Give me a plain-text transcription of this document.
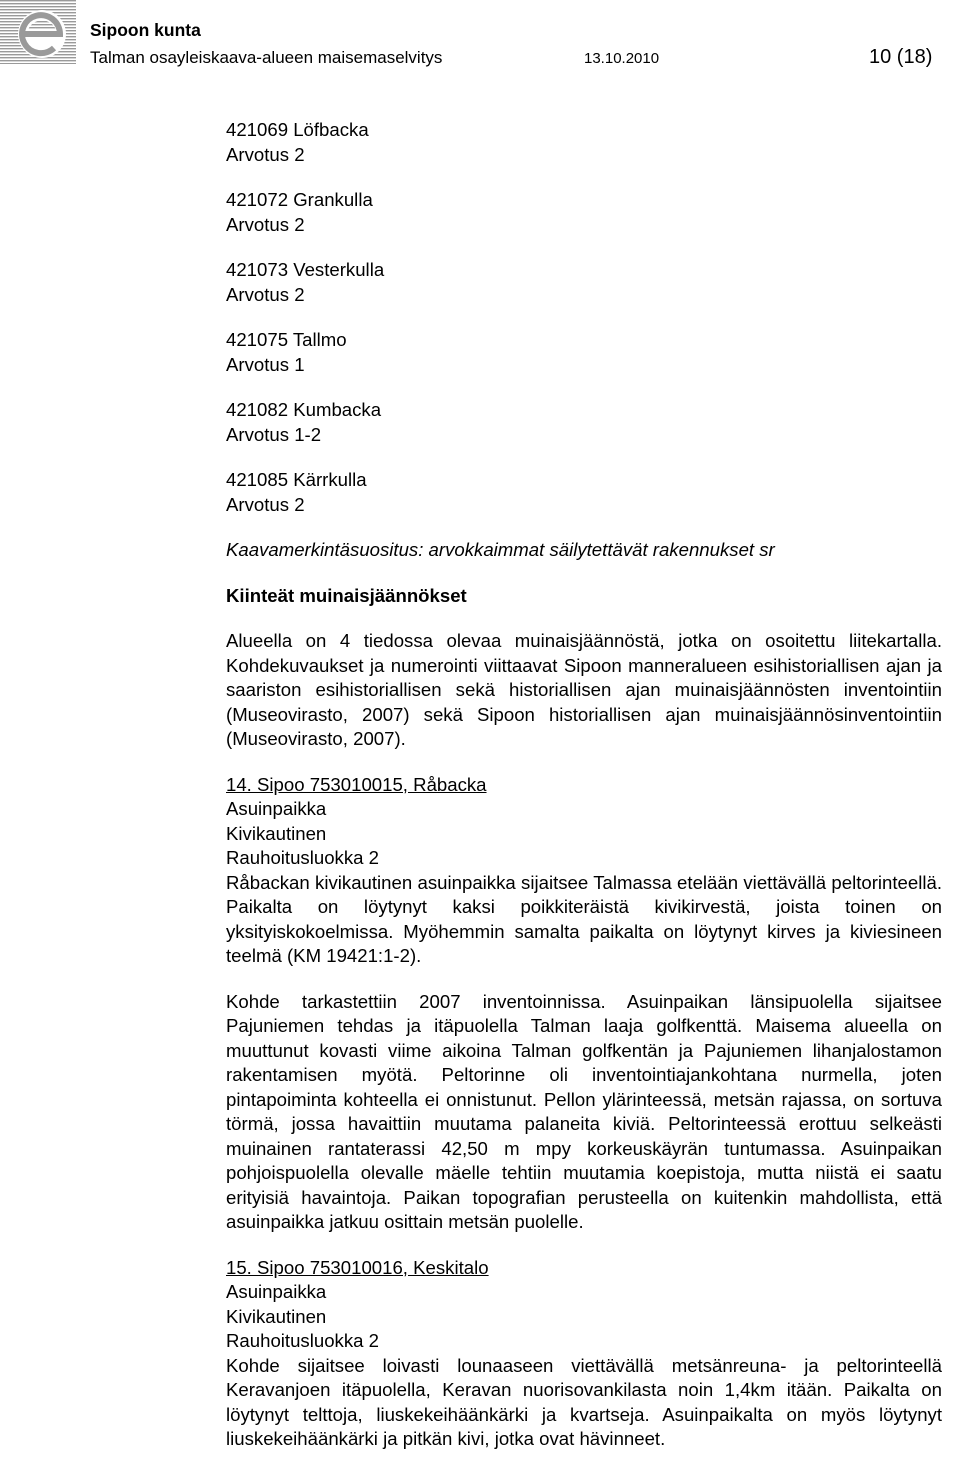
Sipoon kunta
Talman osayleiskaava-alueen maisemaselvitys	13.10.2010	10 (18)
421069 Löfbacka
Arvotus 2
421072 Grankulla
Arvotus 2
421073 Vesterkulla
Arvotus 2
421075 Tallmo
Arvotus 1
421082 Kumbacka
Arvotus 1-2
421085 Kärrkulla
Arvotus 2
Kaavamerkintäsuositus: arvokkaimmat säilytettävät rakennukset sr
Kiinteät muinaisjäännökset

Alueella on 4 tiedossa olevaa muinaisjäännöstä, jotka on osoitettu liitekartalla. Kohdekuvaukset ja numerointi viittaavat Sipoon manneralueen esihistoriallisen ajan ja saariston esihistoriallisen sekä historiallisen ajan muinaisjäännösten inventointiin (Museovirasto, 2007) sekä Sipoon historiallisen ajan muinaisjäännösinventointiin (Museovirasto, 2007).

14. Sipoo 753010015, Råbacka
Asuinpaikka
Kivikautinen
Rauhoitusluokka 2

Råbackan kivikautinen asuinpaikka sijaitsee Talmassa etelään viettävällä peltorinteellä. Paikalta on löytynyt kaksi poikkiteräistä kivikirvestä, joista toinen on yksityiskokoelmissa. Myöhemmin samalta paikalta on löytynyt kirves ja kiviesineen teelmä (KM 19421:1-2).

Kohde tarkastettiin 2007 inventoinnissa. Asuinpaikan länsipuolella sijaitsee Pajuniemen tehdas ja itäpuolella Talman laaja golfkenttä. Maisema alueella on muuttunut kovasti viime aikoina Talman golfkentän ja Pajuniemen lihanjalostamon rakentamisen myötä. Peltorinne oli inventointiajankohtana nurmella, joten pintapoiminta kohteella ei onnistunut. Pellon ylärinteessä, metsän rajassa, on sortuva törmä, jossa havaittiin muutama palaneita kiviä. Peltorinteessä erottuu selkeästi muinainen rantaterassi 42,50 m mpy korkeuskäyrän tuntumassa. Asuinpaikan pohjoispuolella olevalle mäelle tehtiin muutamia koepistoja, mutta niistä ei saatu erityisiä havaintoja. Paikan topografian perusteella on kuitenkin mahdollista, että asuinpaikka jatkuu osittain metsän puolelle.

15. Sipoo 753010016, Keskitalo
Asuinpaikka
Kivikautinen
Rauhoitusluokka 2

Kohde sijaitsee loivasti lounaaseen viettävällä metsänreuna- ja peltorinteellä Keravanjoen itäpuolella, Keravan nuorisovankilasta noin 1,4km itään. Paikalta on löytynyt telttoja, liuskekeihäänkärki ja kvartseja. Asuinpaikalta on myös löytynyt liuskekeihäänkärki ja pitkän kivi, jotka ovat hävinneet.
